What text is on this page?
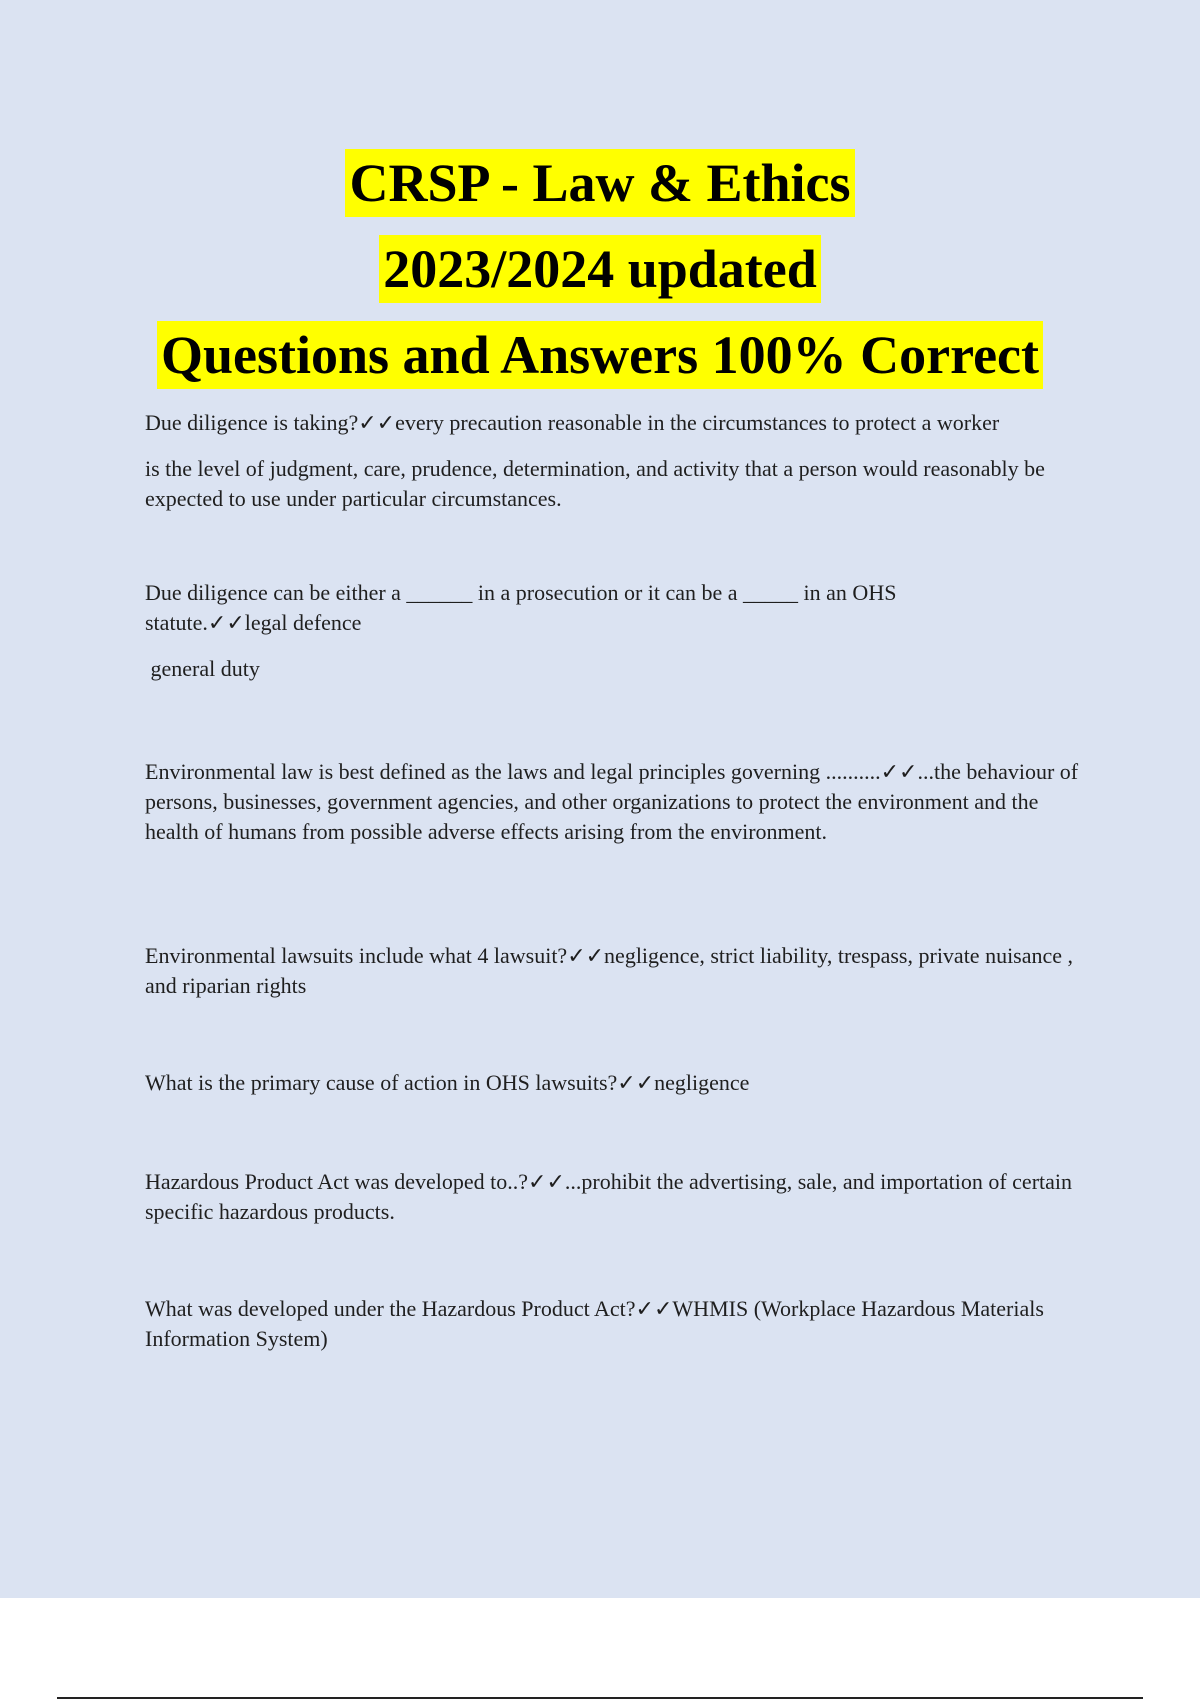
CRSP - Law & Ethics
2023/2024 updated
Questions and Answers 100% Correct

Due diligence is taking?✓✓every precaution reasonable in the circumstances to protect a worker

is the level of judgment, care, prudence, determination, and activity that a person would reasonably be expected to use under particular circumstances.

Due diligence can be either a ______ in a prosecution or it can be a _____ in an OHS statute.✓✓legal defence

general duty

Environmental law is best defined as the laws and legal principles governing ..........✓✓...the behaviour of persons, businesses, government agencies, and other organizations to protect the environment and the health of humans from possible adverse effects arising from the environment.

Environmental lawsuits include what 4 lawsuit?✓✓negligence, strict liability, trespass, private nuisance , and riparian rights

What is the primary cause of action in OHS lawsuits?✓✓negligence

Hazardous Product Act was developed to..?✓✓...prohibit the advertising, sale, and importation of certain specific hazardous products.

What was developed under the Hazardous Product Act?✓✓WHMIS (Workplace Hazardous Materials Information System)
